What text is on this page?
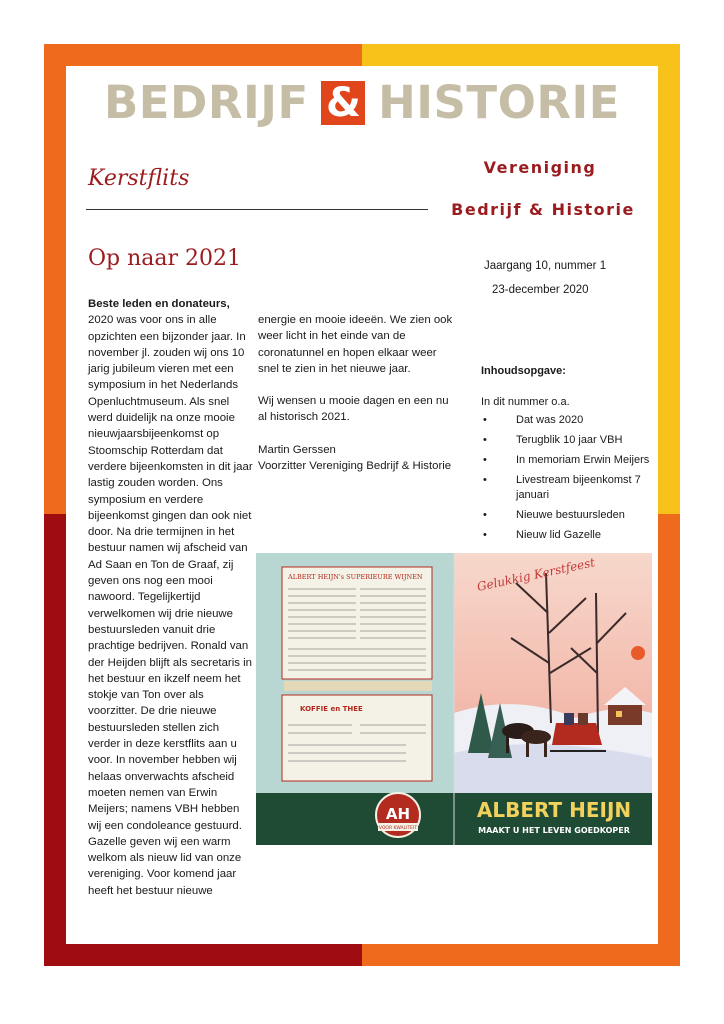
BEDRIJF & HISTORIE
Kerstflits	Vereniging
Bedrijf & Historie
Op naar 2021	Jaargang 10, nummer 1
23-december 2020
Beste leden en donateurs,
2020 was voor ons in alle opzichten een bijzonder jaar. In november jl. zouden wij ons 10 jarig jubileum vieren met een symposium in het Nederlands Openluchtmuseum. Als snel werd duidelijk na onze mooie nieuwjaarsbijeenkomst op Stoomschip Rotterdam dat verdere bijeenkomsten in dit jaar lastig zouden worden. Ons symposium en verdere bijeenkomst gingen dan ook niet door. Na drie termijnen in het bestuur namen wij afscheid van Ad Saan en Ton de Graaf, zij geven ons nog een mooi nawoord. Tegelijkertijd verwelkomen wij drie nieuwe bestuursleden vanuit drie prachtige bedrijven. Ronald van der Heijden blijft als secretaris in het bestuur en ikzelf neem het stokje van Ton over als voorzitter. De drie nieuwe bestuursleden stellen zich verder in deze kerstflits aan u voor. In november hebben wij helaas onverwachts afscheid moeten nemen van Erwin Meijers; namens VBH hebben wij een condoleance gestuurd. Gazelle geven wij een warm welkom als nieuw lid van onze vereniging. Voor komend jaar heeft het bestuur nieuwe

energie en mooie ideeën. We zien ook weer licht in het einde van de coronatunnel en hopen elkaar weer snel te zien in het nieuwe jaar.

Wij wensen u mooie dagen en een nu al historisch 2021.

Martin Gerssen
Voorzitter Vereniging Bedrijf & Historie
Inhoudsopgave:
In dit nummer o.a.
•	Dat was 2020
•	Terugblik 10 jaar VBH
•	In memoriam Erwin Meijers
•	Livestream bijeenkomst 7 januari
•	Nieuwe bestuursleden
•	Nieuw lid Gazelle
Gelukkig Kerstfeest
ALBERT HEIJN's SUPERIEURE WIJNEN
KOFFIE en THEE
AH
VOOR KWALITEIT
ALBERT HEIJN
MAAKT U HET LEVEN GOEDKOPER
